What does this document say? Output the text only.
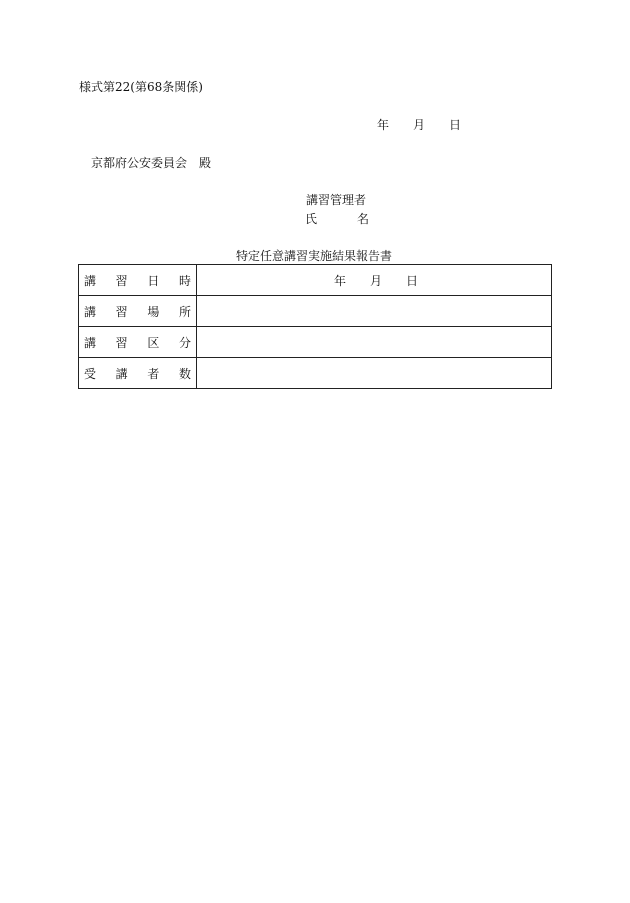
様式第22(第68条関係)
年 月 日
京都府公安委員会　殿
講習管理者
氏	名
特定任意講習実施結果報告書
講 習 日 時	年 月 日

講 習 場 所	

講 習 区 分	

受 講 者 数	
